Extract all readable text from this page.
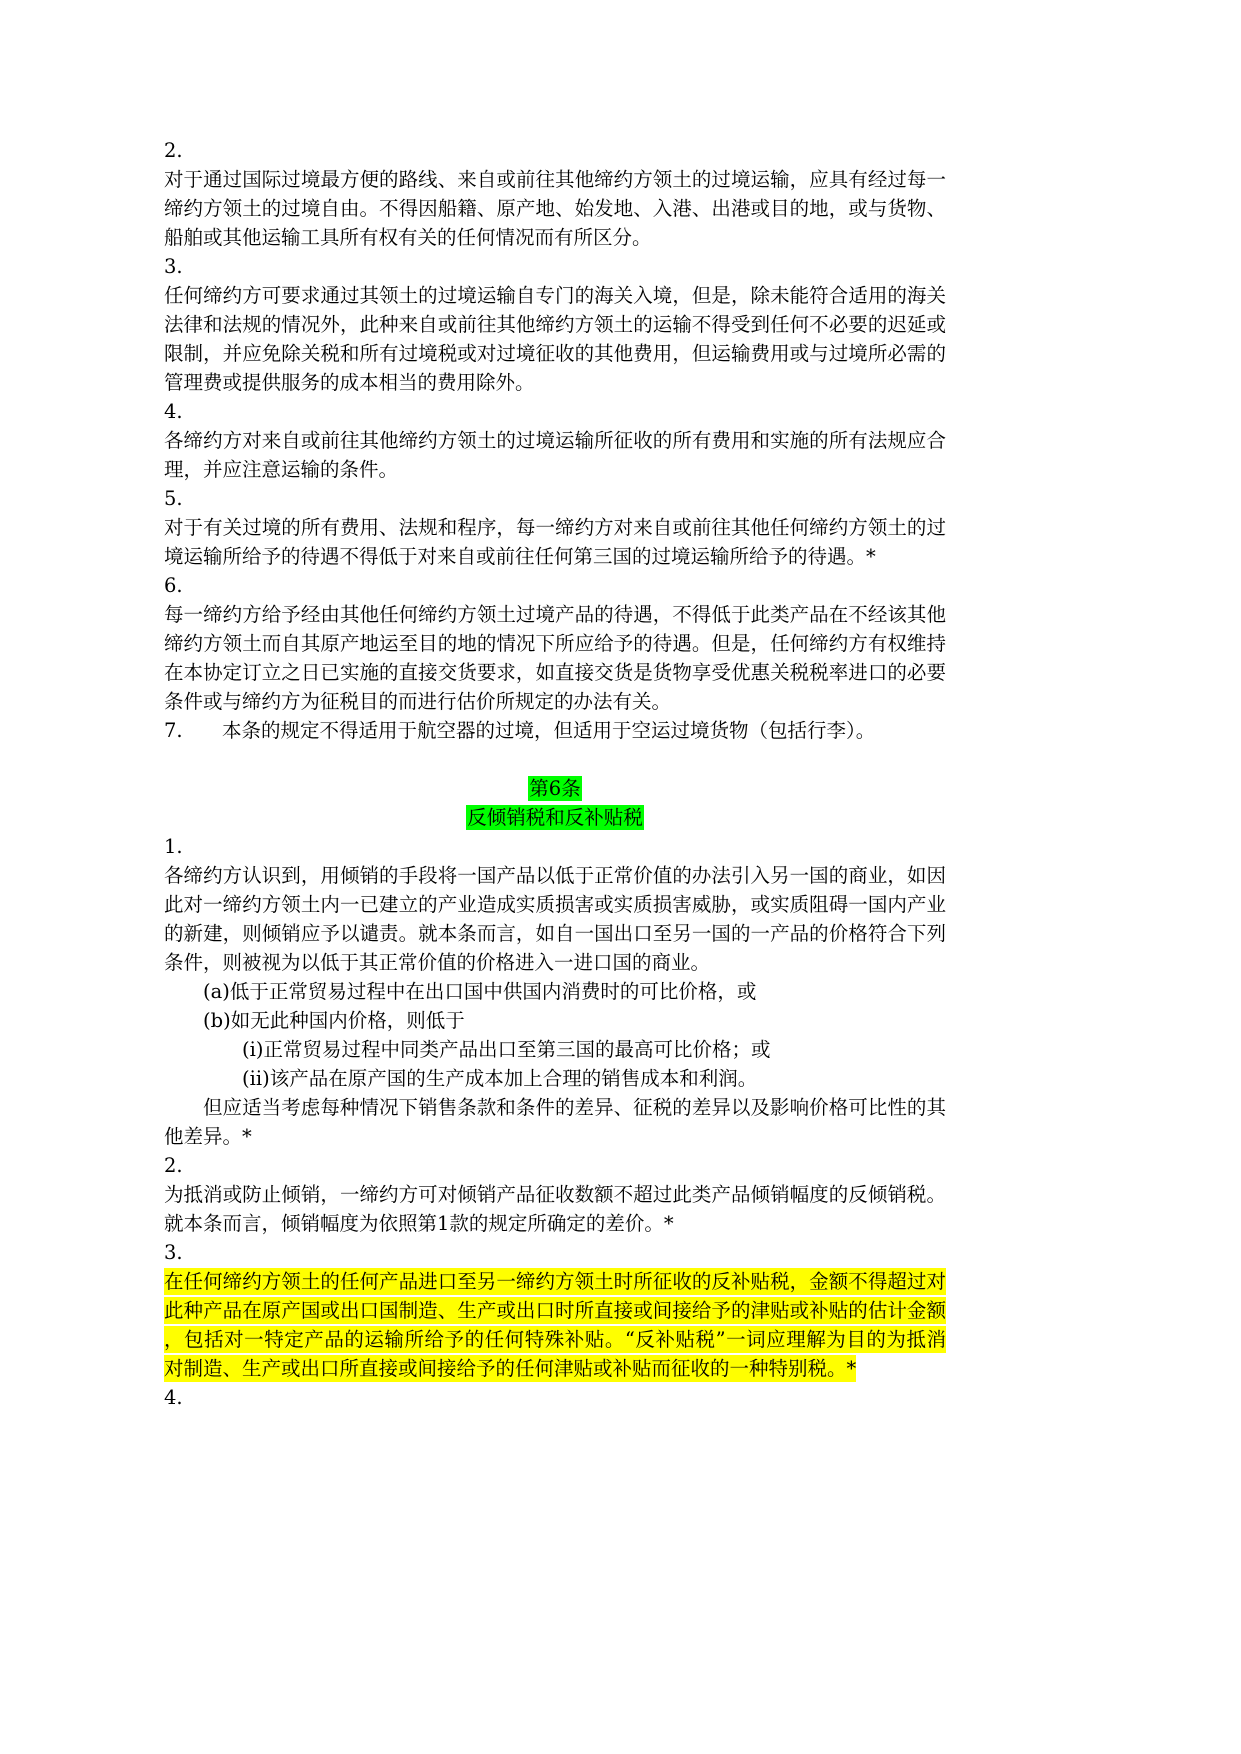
2.
对于通过国际过境最方便的路线、来自或前往其他缔约方领土的过境运输，应具有经过每一
缔约方领土的过境自由。不得因船籍、原产地、始发地、入港、出港或目的地，或与货物、
船舶或其他运输工具所有权有关的任何情况而有所区分。
3.
任何缔约方可要求通过其领土的过境运输自专门的海关入境，但是，除未能符合适用的海关
法律和法规的情况外，此种来自或前往其他缔约方领土的运输不得受到任何不必要的迟延或
限制，并应免除关税和所有过境税或对过境征收的其他费用，但运输费用或与过境所必需的
管理费或提供服务的成本相当的费用除外。
4.
各缔约方对来自或前往其他缔约方领土的过境运输所征收的所有费用和实施的所有法规应合
理，并应注意运输的条件。
5.
对于有关过境的所有费用、法规和程序，每一缔约方对来自或前往其他任何缔约方领土的过
境运输所给予的待遇不得低于对来自或前往任何第三国的过境运输所给予的待遇。*
6.
每一缔约方给予经由其他任何缔约方领土过境产品的待遇，不得低于此类产品在不经该其他
缔约方领土而自其原产地运至目的地的情况下所应给予的待遇。但是，任何缔约方有权维持
在本协定订立之日已实施的直接交货要求，如直接交货是货物享受优惠关税税率进口的必要
条件或与缔约方为征税目的而进行估价所规定的办法有关。
7. 本条的规定不得适用于航空器的过境，但适用于空运过境货物（包括行李）。
第6条
反倾销税和反补贴税
1.
各缔约方认识到，用倾销的手段将一国产品以低于正常价值的办法引入另一国的商业，如因
此对一缔约方领土内一已建立的产业造成实质损害或实质损害威胁，或实质阻碍一国内产业
的新建，则倾销应予以谴责。就本条而言，如自一国出口至另一国的一产品的价格符合下列
条件，则被视为以低于其正常价值的价格进入一进口国的商业。
(a)低于正常贸易过程中在出口国中供国内消费时的可比价格，或
(b)如无此种国内价格，则低于
(ⅰ)正常贸易过程中同类产品出口至第三国的最高可比价格；或
(ⅱ)该产品在原产国的生产成本加上合理的销售成本和利润。
但应适当考虑每种情况下销售条款和条件的差异、征税的差异以及影响价格可比性的其
他差异。*
2.
为抵消或防止倾销，一缔约方可对倾销产品征收数额不超过此类产品倾销幅度的反倾销税。
就本条而言，倾销幅度为依照第1款的规定所确定的差价。*
3.
在任何缔约方领土的任何产品进口至另一缔约方领土时所征收的反补贴税，金额不得超过对
此种产品在原产国或出口国制造、生产或出口时所直接或间接给予的津贴或补贴的估计金额
，包括对一特定产品的运输所给予的任何特殊补贴。“反补贴税”一词应理解为目的为抵消
对制造、生产或出口所直接或间接给予的任何津贴或补贴而征收的一种特别税。*
4.
